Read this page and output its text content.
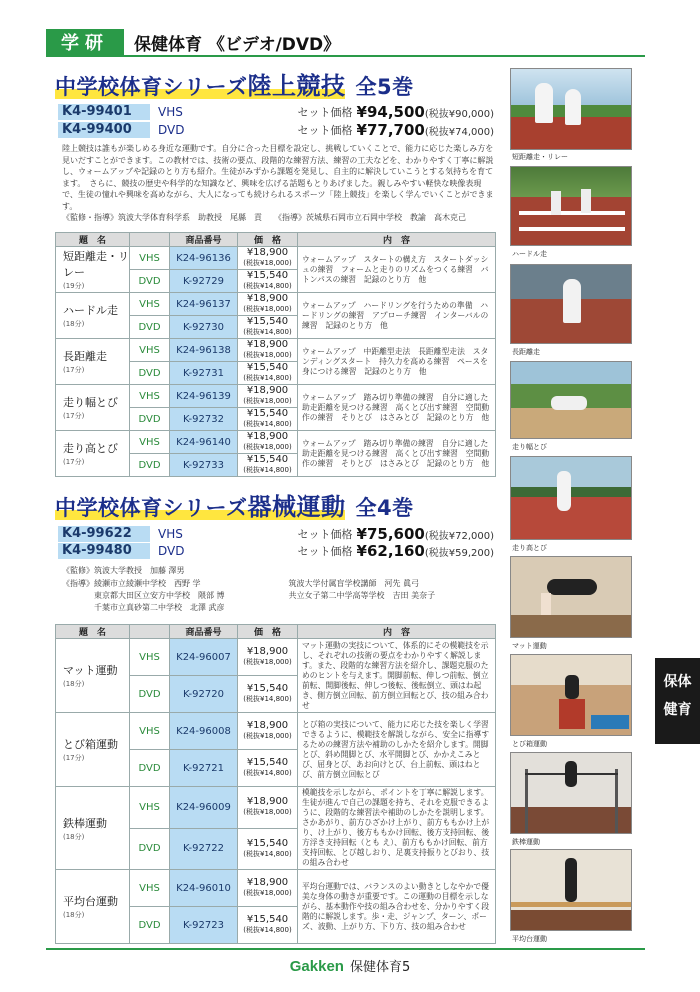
学研	保健体育 《ビデオ/DVD》
中学校体育シリーズ陸上競技 全5巻
K4-99401	VHS	セット価格 ¥94,500 (税抜¥90,000)
K4-99400	DVD	セット価格 ¥77,700 (税抜¥74,000)
陸上競技は誰もが楽しめる身近な運動です。自分に合った目標を設定し、挑戦していくことで、能力に応じた楽しみ方を見いだすことができます。この教材では、技術の要点、段階的な練習方法、練習の工夫などを、わかりやすく丁寧に解説し、ウォームアップや記録のとり方も紹介。生徒がみずから課題を発見し、自主的に解決していこうとする気持ちを育てます。　さらに、競技の歴史や科学的な知識など、興味を広げる話題もとりあげました。親しみやすい軽快な映像表現で、生徒の憧れや興味を高めながら、大人になっても続けられるスポーツ「陸上競技」を楽しく学んでいくことができます。
《監修・指導》筑波大学体育科学系　助教授　尾縣　貢　　《指導》茨城県石岡市立石岡中学校　教諭　高木克己
題　名		商品番号	価　格	内　容
短距離走・リレー
(19分)	VHS	K24-96136	¥18,900
(税抜¥18,000)	ウォームアップ　スタートの構え方　スタートダッシュの練習　フォームと走りのリズムをつくる練習　バトンパスの練習　記録のとり方　他
	DVD	K-92729	¥15,540
(税抜¥14,800)	

ハードル走
(18分)	VHS	K24-96137	¥18,900
(税抜¥18,000)	ウォームアップ　ハードリングを行うための準備　ハードリングの練習　アプローチ練習　インターバルの練習　記録のとり方　他
	DVD	K-92730	¥15,540
(税抜¥14,800)	

長距離走
(17分)	VHS	K24-96138	¥18,900
(税抜¥18,000)	ウォームアップ　中距離型走法　長距離型走法　スタンディングスタート　持久力を高める練習　ペースを身につける練習　記録のとり方　他
	DVD	K-92731	¥15,540
(税抜¥14,800)	

走り幅とび
(17分)	VHS	K24-96139	¥18,900
(税抜¥18,000)	ウォームアップ　踏み切り準備の練習　自分に適した助走距離を見つける練習　高くとび出す練習　空間動作の練習　そりとび　はさみとび　記録のとり方　他
	DVD	K-92732	¥15,540
(税抜¥14,800)	

走り高とび
(17分)	VHS	K24-96140	¥18,900
(税抜¥18,000)	ウォームアップ　踏み切り準備の練習　自分に適した助走距離を見つける練習　高くとび出す練習　空間動作の練習　そりとび　はさみとび　記録のとり方　他
	DVD	K-92733	¥15,540
(税抜¥14,800)	
中学校体育シリーズ器械運動 全4巻
K4-99622	VHS	セット価格 ¥75,600 (税抜¥72,000)
K4-99480	DVD	セット価格 ¥62,160 (税抜¥59,200)
《監修》筑波大学教授　加藤 澤男
《指導》綾瀬市立綾瀬中学校　西野 学　　　　　　　　　　　筑波大学付属盲学校講師　河先 眞弓
　　　　東京都大田区立安方中学校　隈部 博　　　　　　　　共立女子第二中学高等学校　吉田 美奈子
　　　　千葉市立真砂第二中学校　北澤 武彦
題　名		商品番号	価　格	内　容
マット運動
(18分)	VHS	K24-96007	¥18,900
(税抜¥18,000)	マット運動の実技について、体系的にその模範技を示し、それぞれの技術の要点をわかりやすく解説します。また、段階的な練習方法を紹介し、課題克服のためのヒントを与えます。開脚前転、伸しつ前転、倒立前転、開脚後転、伸しつ後転、後転倒立、頭はね起き、側方倒立回転、前方倒立回転とび、技の組み合わせ
	DVD	K-92720	¥15,540
(税抜¥14,800)	

とび箱運動
(17分)	VHS	K24-96008	¥18,900
(税抜¥18,000)	とび箱の実技について、能力に応じた技を楽しく学習できるように、模範技を解説しながら、安全に指導するための練習方法や補助のしかたを紹介します。開脚とび、斜め開脚とび、水平開脚とび、かかえこみとび、屈身とび、あお向けとび、台上前転、頭はねとび、前方倒立回転とび
	DVD	K-92721	¥15,540
(税抜¥14,800)	

鉄棒運動
(18分)	VHS	K24-96009	¥18,900
(税抜¥18,000)	模範技を示しながら、ポイントを丁寧に解説します。生徒が進んで自己の課題を持ち、それを克服できるように、段階的な練習法や補助のしかたを説明します。さかあがり、前方ひざかけ上がり、前方ももかけ上がり、け上がり、後方ももかけ回転、後方支持回転、後方浮き支持回転（とも え）、前方ももかけ回転、前方支持回転、とび越しおり、足裏支持振りとびおり、技の組み合わせ
	DVD	K-92722	¥15,540
(税抜¥14,800)	

平均台運動
(18分)	VHS	K24-96010	¥18,900
(税抜¥18,000)	平均台運動では、バランスのよい動きとしなやかで優美な身体の動きが重要です。この運動の目標を示しながら、基本動作や技の組み合わせを、分かりやすく段階的に解説します。歩・走、ジャンプ、ターン、ポーズ、波動、上がり方、下り方、技の組み合わせ
	DVD	K-92723	¥15,540
(税抜¥14,800)	
短距離走・リレー
ハードル走
長距離走
走り幅とび
走り高とび
マット運動
とび箱運動
鉄棒運動
平均台運動
保体
健育
Gakken 保健体育5
